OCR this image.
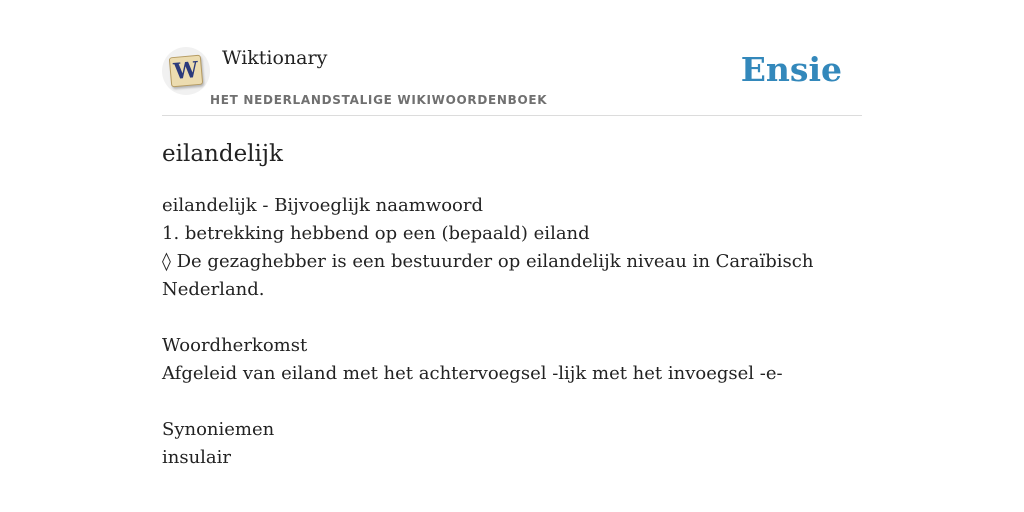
W Wiktionary
HET NEDERLANDSTALIGE WIKIWOORDENBOEK
Ensie
eilandelijk

eilandelijk - Bijvoeglijk naamwoord

1. betrekking hebbend op een (bepaald) eiland

◊ De gezaghebber is een bestuurder op eilandelijk niveau in Caraïbisch Nederland.

Woordherkomst

Afgeleid van eiland met het achtervoegsel -lijk met het invoegsel -e-

Synoniemen

insulair
